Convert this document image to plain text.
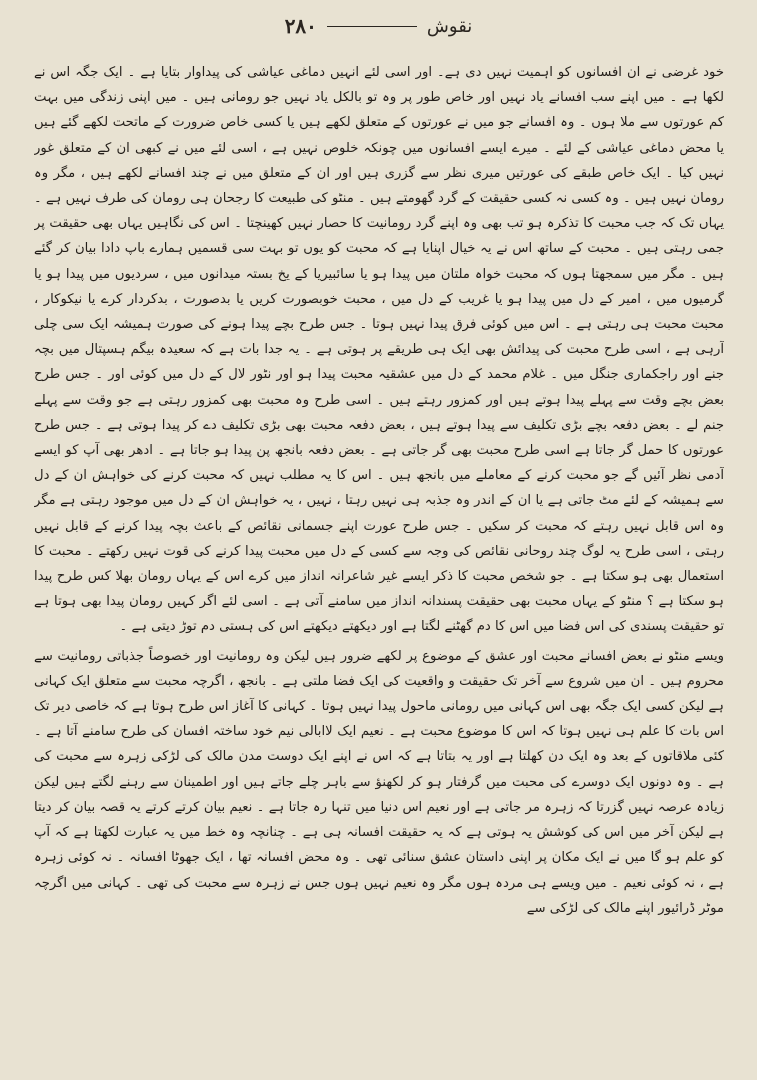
نقوش
۲۸۰

خود غرضی نے ان افسانوں کو اہمیت نہیں دی ہے۔ اور اسی لئے انہیں دماغی عیاشی کی پیداوار بتایا ہے ۔ ایک جگہ اس نے لکھا ہے ۔ میں اپنے سب افسانے یاد نہیں اور خاص طور پر وہ تو بالکل یاد نہیں جو رومانی ہیں ۔ میں اپنی زندگی میں بہت کم عورتوں سے ملا ہوں ۔ وہ افسانے جو میں نے عورتوں کے متعلق لکھے ہیں یا کسی خاص ضرورت کے ماتحت لکھے گئے ہیں یا محض دماغی عیاشی کے لئے ۔ میرے ایسے افسانوں میں چونکہ خلوص نہیں ہے ، اسی لئے میں نے کبھی ان کے متعلق غور نہیں کیا ۔ ایک خاص طبقے کی عورتیں میری نظر سے گزری ہیں اور ان کے متعلق میں نے چند افسانے لکھے ہیں ، مگر وہ رومان نہیں ہیں ۔ وہ کسی نہ کسی حقیقت کے گرد گھومتے ہیں ۔ منٹو کی طبیعت کا رجحان ہی رومان کی طرف نہیں ہے ۔ یہاں تک کہ جب محبت کا تذکرہ ہو تب بھی وہ اپنے گرد رومانیت کا حصار نہیں کھینچتا ۔ اس کی نگاہیں یہاں بھی حقیقت پر جمی رہتی ہیں ۔ محبت کے ساتھ اس نے یہ خیال اپنایا ہے کہ محبت کو یوں تو بہت سی قسمیں ہمارے باپ دادا بیان کر گئے ہیں ۔ مگر میں سمجھتا ہوں کہ محبت خواہ ملتان میں پیدا ہو یا سائبیریا کے یخ بستہ میدانوں میں ، سردیوں میں پیدا ہو یا گرمیوں میں ، امیر کے دل میں پیدا ہو یا غریب کے دل میں ، محبت خوبصورت کریں یا بدصورت ، بدکردار کرے یا نیکوکار ، محبت محبت ہی رہتی ہے ۔ اس میں کوئی فرق پیدا نہیں ہوتا ۔ جس طرح بچے پیدا ہونے کی صورت ہمیشہ ایک سی چلی آرہی ہے ، اسی طرح محبت کی پیدائش بھی ایک ہی طریقے پر ہوتی ہے ۔ یہ جدا بات ہے کہ سعیدہ بیگم ہسپتال میں بچہ جنے اور راجکماری جنگل میں ۔ غلام محمد کے دل میں عشقیہ محبت پیدا ہو اور نٹور لال کے دل میں کوئی اور ۔ جس طرح بعض بچے وقت سے پہلے پیدا ہوتے ہیں اور کمزور رہتے ہیں ۔ اسی طرح وہ محبت بھی کمزور رہتی ہے جو وقت سے پہلے جنم لے ۔ بعض دفعہ بچے بڑی تکلیف سے پیدا ہوتے ہیں ، بعض دفعہ محبت بھی بڑی تکلیف دے کر پیدا ہوتی ہے ۔ جس طرح عورتوں کا حمل گر جاتا ہے اسی طرح محبت بھی گر جاتی ہے ۔ بعض دفعہ بانجھ پن پیدا ہو جاتا ہے ۔ ادھر بھی آپ کو ایسے آدمی نظر آئیں گے جو محبت کرنے کے معاملے میں بانجھ ہیں ۔ اس کا یہ مطلب نہیں کہ محبت کرنے کی خواہش ان کے دل سے ہمیشہ کے لئے مٹ جاتی ہے یا ان کے اندر وہ جذبہ ہی نہیں رہتا ، نہیں ، یہ خواہش ان کے دل میں موجود رہتی ہے مگر وہ اس قابل نہیں رہتے کہ محبت کر سکیں ۔ جس طرح عورت اپنے جسمانی نقائص کے باعث بچہ پیدا کرنے کے قابل نہیں رہتی ، اسی طرح یہ لوگ چند روحانی نقائص کی وجہ سے کسی کے دل میں محبت پیدا کرنے کی قوت نہیں رکھتے ۔ محبت کا استعمال بھی ہو سکتا ہے ۔ جو شخص محبت کا ذکر ایسے غیر شاعرانہ انداز میں کرے اس کے یہاں رومان بھلا کس طرح پیدا ہو سکتا ہے ؟ منٹو کے یہاں محبت بھی حقیقت پسندانہ انداز میں سامنے آتی ہے ۔ اسی لئے اگر کہیں رومان پیدا بھی ہوتا ہے تو حقیقت پسندی کی اس فضا میں اس کا دم گھٹنے لگتا ہے اور دیکھتے دیکھتے اس کی ہستی دم توڑ دیتی ہے ۔

ویسے منٹو نے بعض افسانے محبت اور عشق کے موضوع پر لکھے ضرور ہیں لیکن وہ رومانیت اور خصوصاً جذباتی رومانیت سے محروم ہیں ۔ ان میں شروع سے آخر تک حقیقت و واقعیت کی ایک فضا ملتی ہے ۔ بانجھ ، اگرچہ محبت سے متعلق ایک کہانی ہے لیکن کسی ایک جگہ بھی اس کہانی میں رومانی ماحول پیدا نہیں ہوتا ۔ کہانی کا آغاز اس طرح ہوتا ہے کہ خاصی دیر تک اس بات کا علم ہی نہیں ہوتا کہ اس کا موضوع محبت ہے ۔ نعیم ایک لاابالی نیم خود ساختہ افسان کی طرح سامنے آتا ہے ۔ کئی ملاقاتوں کے بعد وہ ایک دن کھلتا ہے اور یہ بتاتا ہے کہ اس نے اپنے ایک دوست مدن مالک کی لڑکی زہرہ سے محبت کی ہے ۔ وہ دونوں ایک دوسرے کی محبت میں گرفتار ہو کر لکھنؤ سے باہر چلے جاتے ہیں اور اطمینان سے رہنے لگتے ہیں لیکن زیادہ عرصہ نہیں گزرتا کہ زہرہ مر جاتی ہے اور نعیم اس دنیا میں تنہا رہ جاتا ہے ۔ نعیم بیان کرتے کرتے یہ قصہ بیان کر دیتا ہے لیکن آخر میں اس کی کوشش یہ ہوتی ہے کہ یہ حقیقت افسانہ ہی ہے ۔ چنانچہ وہ خط میں یہ عبارت لکھتا ہے کہ آپ کو علم ہو گا میں نے ایک مکان پر اپنی داستان عشق سنائی تھی ۔ وہ محض افسانہ تھا ، ایک جھوٹا افسانہ ۔ نہ کوئی زہرہ ہے ، نہ کوئی نعیم ۔ میں ویسے ہی مردہ ہوں مگر وہ نعیم نہیں ہوں جس نے زہرہ سے محبت کی تھی ۔ کہانی میں اگرچہ موٹر ڈرائیور اپنے مالک کی لڑکی سے
